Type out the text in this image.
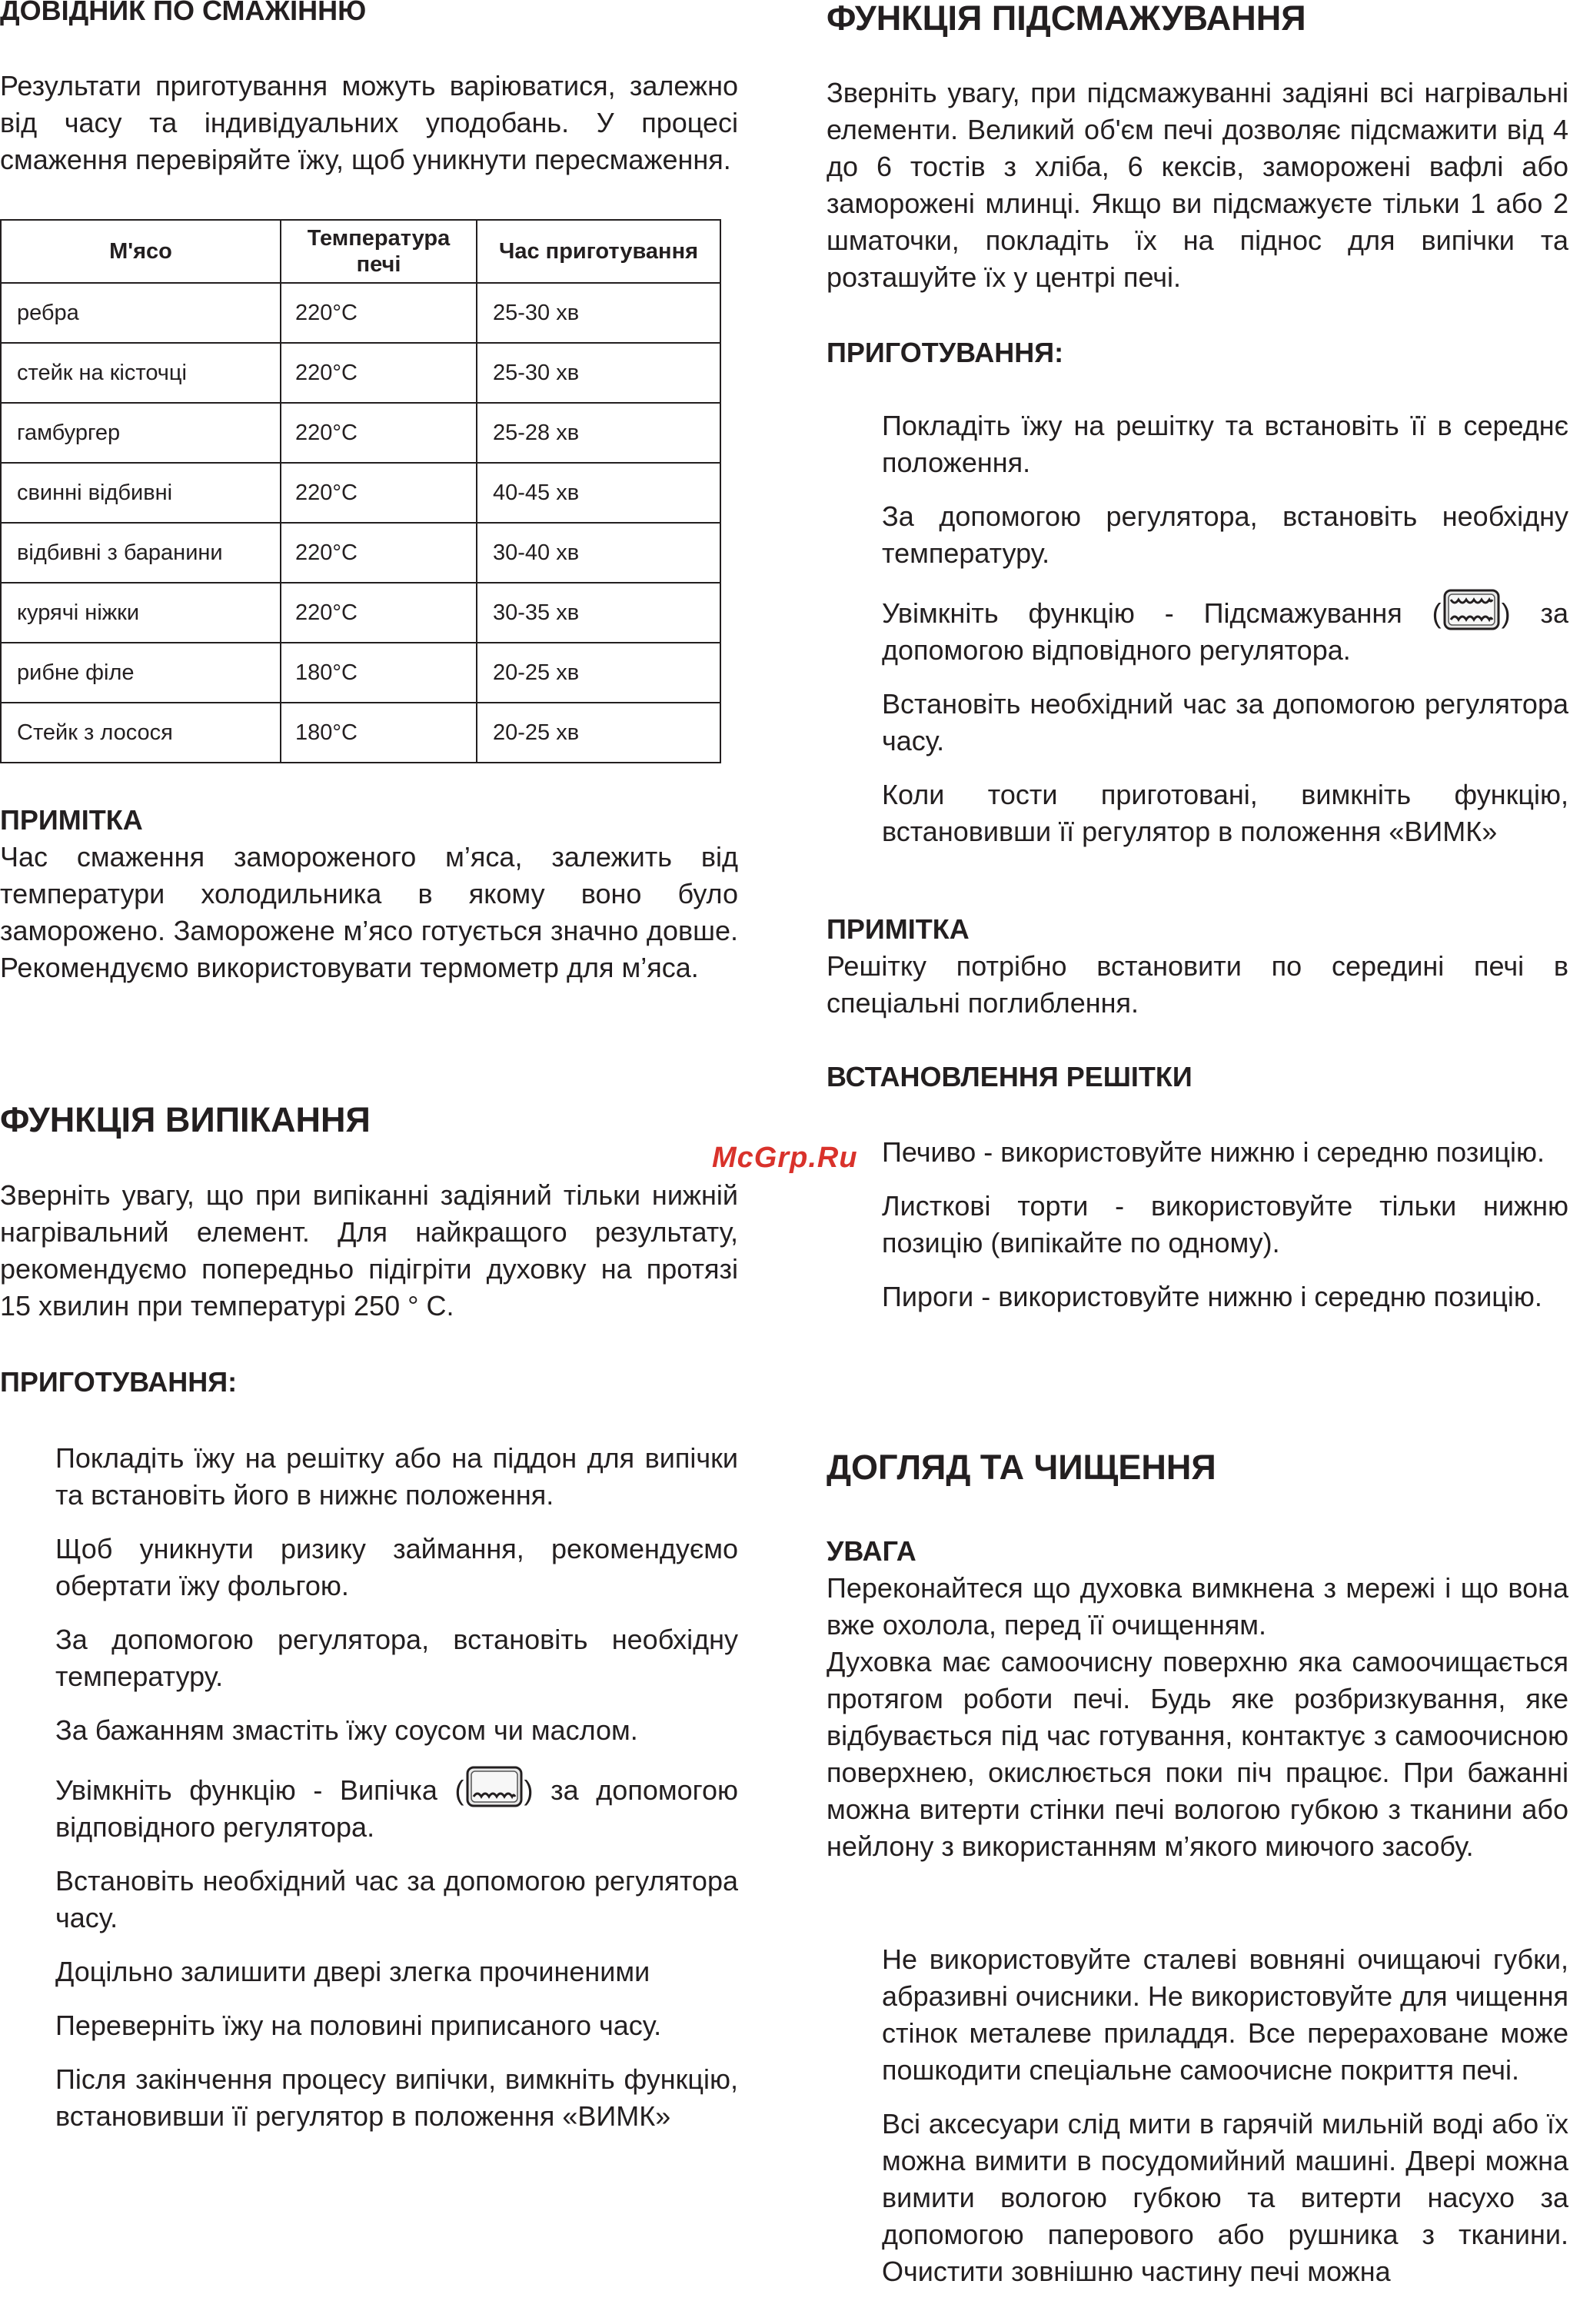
ДОВІДНИК ПО СМАЖІННЮ

Результати приготування можуть варіюватися, залежно від часу та індивідуальних уподобань. У процесі смаження перевіряйте їжу, щоб уникнути пересмаження.

М'ясо	Температура печі	Час приготування
ребра	220°C	25-30 хв
стейк на кісточці	220°C	25-30 хв
гамбургер	220°C	25-28 хв
свинні відбивні	220°C	40-45 хв
відбивні з баранини	220°C	30-40 хв
курячі ніжки	220°C	30-35 хв
рибне філе	180°C	20-25 хв
Стейк з лосося	180°C	20-25 хв
ПРИМІТКА

Час смаження замороженого м’яса, залежить від температури холодильника в якому воно було заморожено. Заморожене м’ясо готується значно довше. Рекомендуємо використовувати термометр для м’яса.

ФУНКЦІЯ ВИПІКАННЯ

Зверніть увагу, що при випіканні задіяний тільки нижній нагрівальний елемент. Для найкращого результату, рекомендуємо попередньо підігріти духовку на протязі 15 хвилин при температурі 250 ° C.

ПРИГОТУВАННЯ:

Покладіть їжу на решітку або на піддон для випічки та встановіть його в нижнє положення.

Щоб уникнути ризику займання, рекомендуємо обертати їжу фольгою.

За допомогою регулятора, встановіть необхідну температуру.

За бажанням змастіть їжу соусом чи маслом.

Увімкніть функцію - Випічка ( ) за допомогою відповідного регулятора.

Встановіть необхідний час за допомогою регулятора часу.

Доцільно залишити двері злегка прочиненими

Переверніть їжу на половині приписаного часу.

Після закінчення процесу випічки, вимкніть функцію, встановивши її регулятор в положення «ВИМК»

ФУНКЦІЯ ПІДСМАЖУВАННЯ

Зверніть увагу, при підсмажуванні задіяні всі нагрівальні елементи. Великий об'єм печі дозволяє підсмажити від 4 до 6 тостів з хліба, 6 кексів, заморожені вафлі або заморожені млинці. Якщо ви підсмажуєте тільки 1 або 2 шматочки, покладіть їх на піднос для випічки та розташуйте їх у центрі печі.

ПРИГОТУВАННЯ:

Покладіть їжу на решітку та встановіть її в середнє положення.

За допомогою регулятора, встановіть необхідну температуру.

Увімкніть функцію - Підсмажування ( ) за допомогою відповідного регулятора.

Встановіть необхідний час за допомогою регулятора часу.

Коли тости приготовані, вимкніть функцію, встановивши її регулятор в положення «ВИМК»

ПРИМІТКА

Решітку потрібно встановити по середині печі в спеціальні поглиблення.

ВСТАНОВЛЕННЯ РЕШІТКИ

Печиво - використовуйте нижню і середню позицію.

Листкові торти - використовуйте тільки нижню позицію (випікайте по одному).

Пироги - використовуйте нижню і середню позицію.

ДОГЛЯД ТА ЧИЩЕННЯ
УВАГА

Переконайтеся що духовка вимкнена з мережі і що вона вже охолола, перед її очищенням.

Духовка має самоочисну поверхню яка самоочищається протягом роботи печі. Будь яке розбризкування, яке відбувається під час готування, контактує з самоочисною поверхнею, окислюється поки піч працює. При бажанні можна витерти стінки печі вологою губкою з тканини або нейлону з використанням м’якого миючого засобу.

Не використовуйте сталеві вовняні очищаючі губки, абразивні очисники. Не використовуйте для чищення стінок металеве приладдя. Все перераховане може пошкодити спеціальне самоочисне покриття печі.

Всі аксесуари слід мити в гарячій мильній воді або їх можна вимити в посудомийний машині. Двері можна вимити вологою губкою та витерти насухо за допомогою паперового або рушника з тканини. Очистити зовнішню частину печі можна

McGrp.Ru
